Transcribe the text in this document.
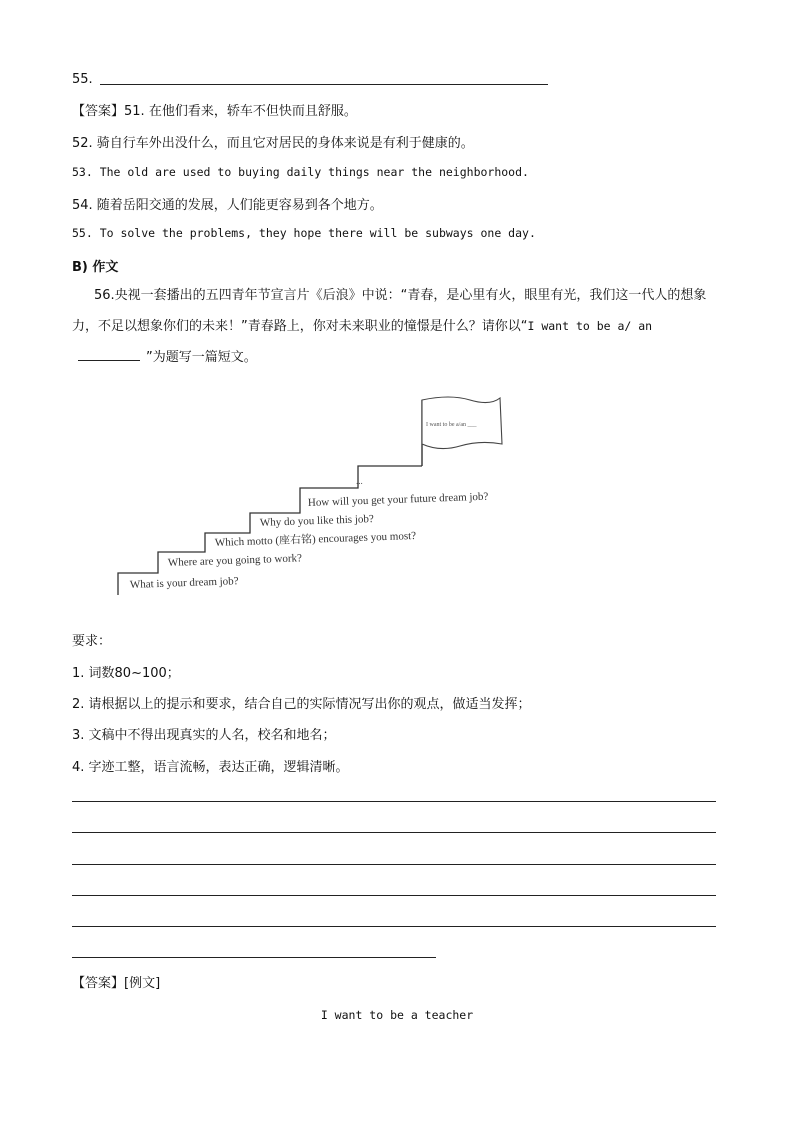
55.
【答案】51. 在他们看来，轿车不但快而且舒服。
52. 骑自行车外出没什么，而且它对居民的身体来说是有利于健康的。
53. The old are used to buying daily things near the neighborhood.
54. 随着岳阳交通的发展，人们能更容易到各个地方。
55. To solve the problems, they hope there will be subways one day.
B) 作文
56.央视一套播出的五四青年节宣言片《后浪》中说：“青春，是心里有火，眼里有光，我们这一代人的想象力，不足以想象你们的未来！”青春路上，你对未来职业的憧憬是什么？请你以“I want to be a/ an”为题写一篇短文。
I want to be a/an ___
What is your dream job?
Where are you going to work?
Which motto (座右铭) encourages you most?
Why do you like this job?
How will you get your future dream job?
...
要求：
1. 词数80~100；
2. 请根据以上的提示和要求，结合自己的实际情况写出你的观点，做适当发挥；
3. 文稿中不得出现真实的人名，校名和地名；
4. 字迹工整，语言流畅，表达正确，逻辑清晰。
【答案】[例文]
I want to be a teacher
